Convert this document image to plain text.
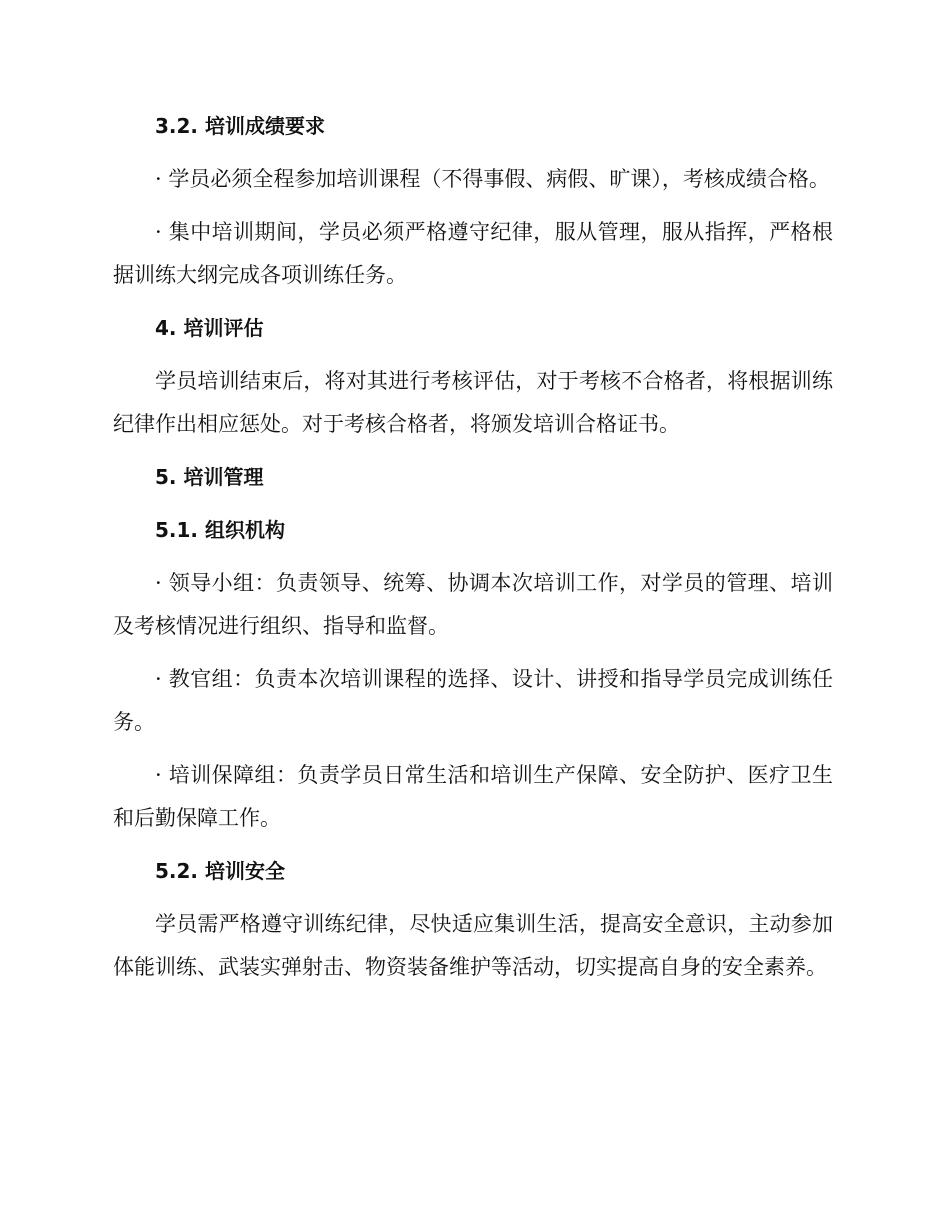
3.2. 培训成绩要求

· 学员必须全程参加培训课程（不得事假、病假、旷课），考核成绩合格。

· 集中培训期间，学员必须严格遵守纪律，服从管理，服从指挥，严格根据训练大纲完成各项训练任务。

4. 培训评估

学员培训结束后，将对其进行考核评估，对于考核不合格者，将根据训练纪律作出相应惩处。对于考核合格者，将颁发培训合格证书。

5. 培训管理
5.1. 组织机构

· 领导小组：负责领导、统筹、协调本次培训工作，对学员的管理、培训及考核情况进行组织、指导和监督。

· 教官组：负责本次培训课程的选择、设计、讲授和指导学员完成训练任务。

· 培训保障组：负责学员日常生活和培训生产保障、安全防护、医疗卫生和后勤保障工作。

5.2. 培训安全

学员需严格遵守训练纪律，尽快适应集训生活，提高安全意识，主动参加体能训练、武装实弹射击、物资装备维护等活动，切实提高自身的安全素养。
